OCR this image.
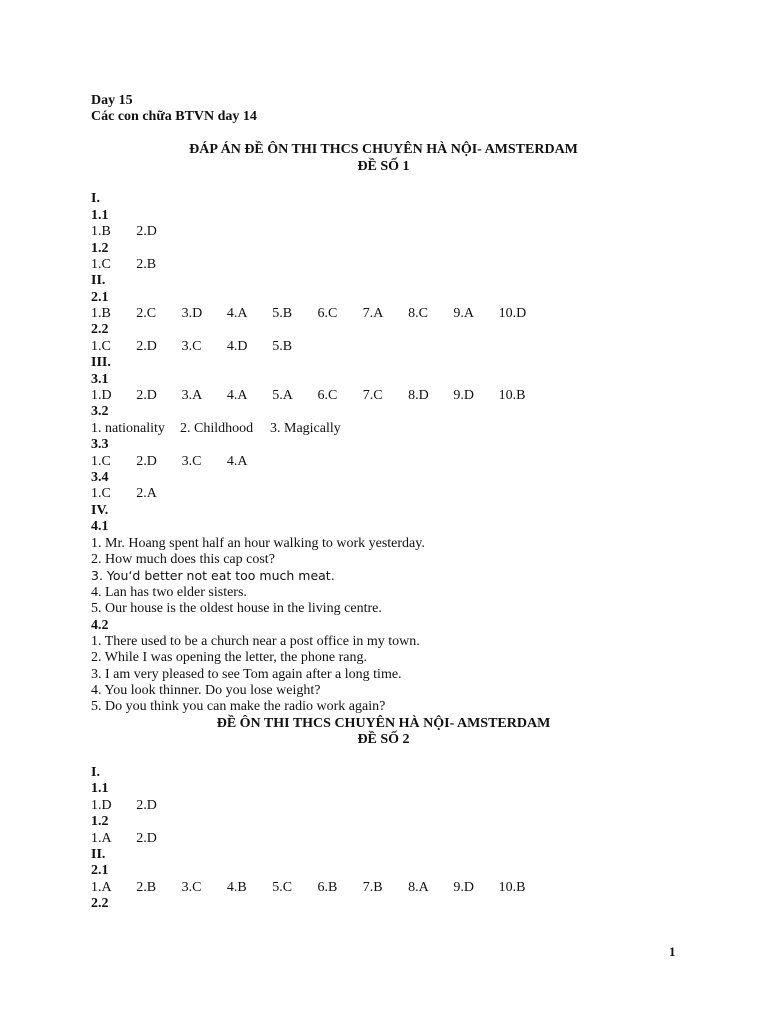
Day 15
Các con chữa BTVN day 14
ĐÁP ÁN ĐỀ ÔN THI THCS CHUYÊN HÀ NỘI- AMSTERDAM
ĐỀ SỐ 1
I.
1.1
1.B 2.D
1.2
1.C 2.B
II.
2.1
1.B 2.C 3.D 4.A 5.B 6.C 7.A 8.C 9.A 10.D
2.2
1.C 2.D 3.C 4.D 5.B
III.
3.1
1.D 2.D 3.A 4.A 5.A 6.C 7.C 8.D 9.D 10.B
3.2
1. nationality 2. Childhood 3. Magically
3.3
1.C 2.D 3.C 4.A
3.4
1.C 2.A
IV.
4.1
1. Mr. Hoang spent half an hour walking to work yesterday.
2. How much does this cap cost?
3. You‘d better not eat too much meat.
4. Lan has two elder sisters.
5. Our house is the oldest house in the living centre.
4.2
1. There used to be a church near a post office in my town.
2. While I was opening the letter, the phone rang.
3. I am very pleased to see Tom again after a long time.
4. You look thinner. Do you lose weight?
5. Do you think you can make the radio work again?
ĐỀ ÔN THI THCS CHUYÊN HÀ NỘI- AMSTERDAM
ĐỀ SỐ 2
I.
1.1
1.D 2.D
1.2
1.A 2.D
II.
2.1
1.A 2.B 3.C 4.B 5.C 6.B 7.B 8.A 9.D 10.B
2.2
1
